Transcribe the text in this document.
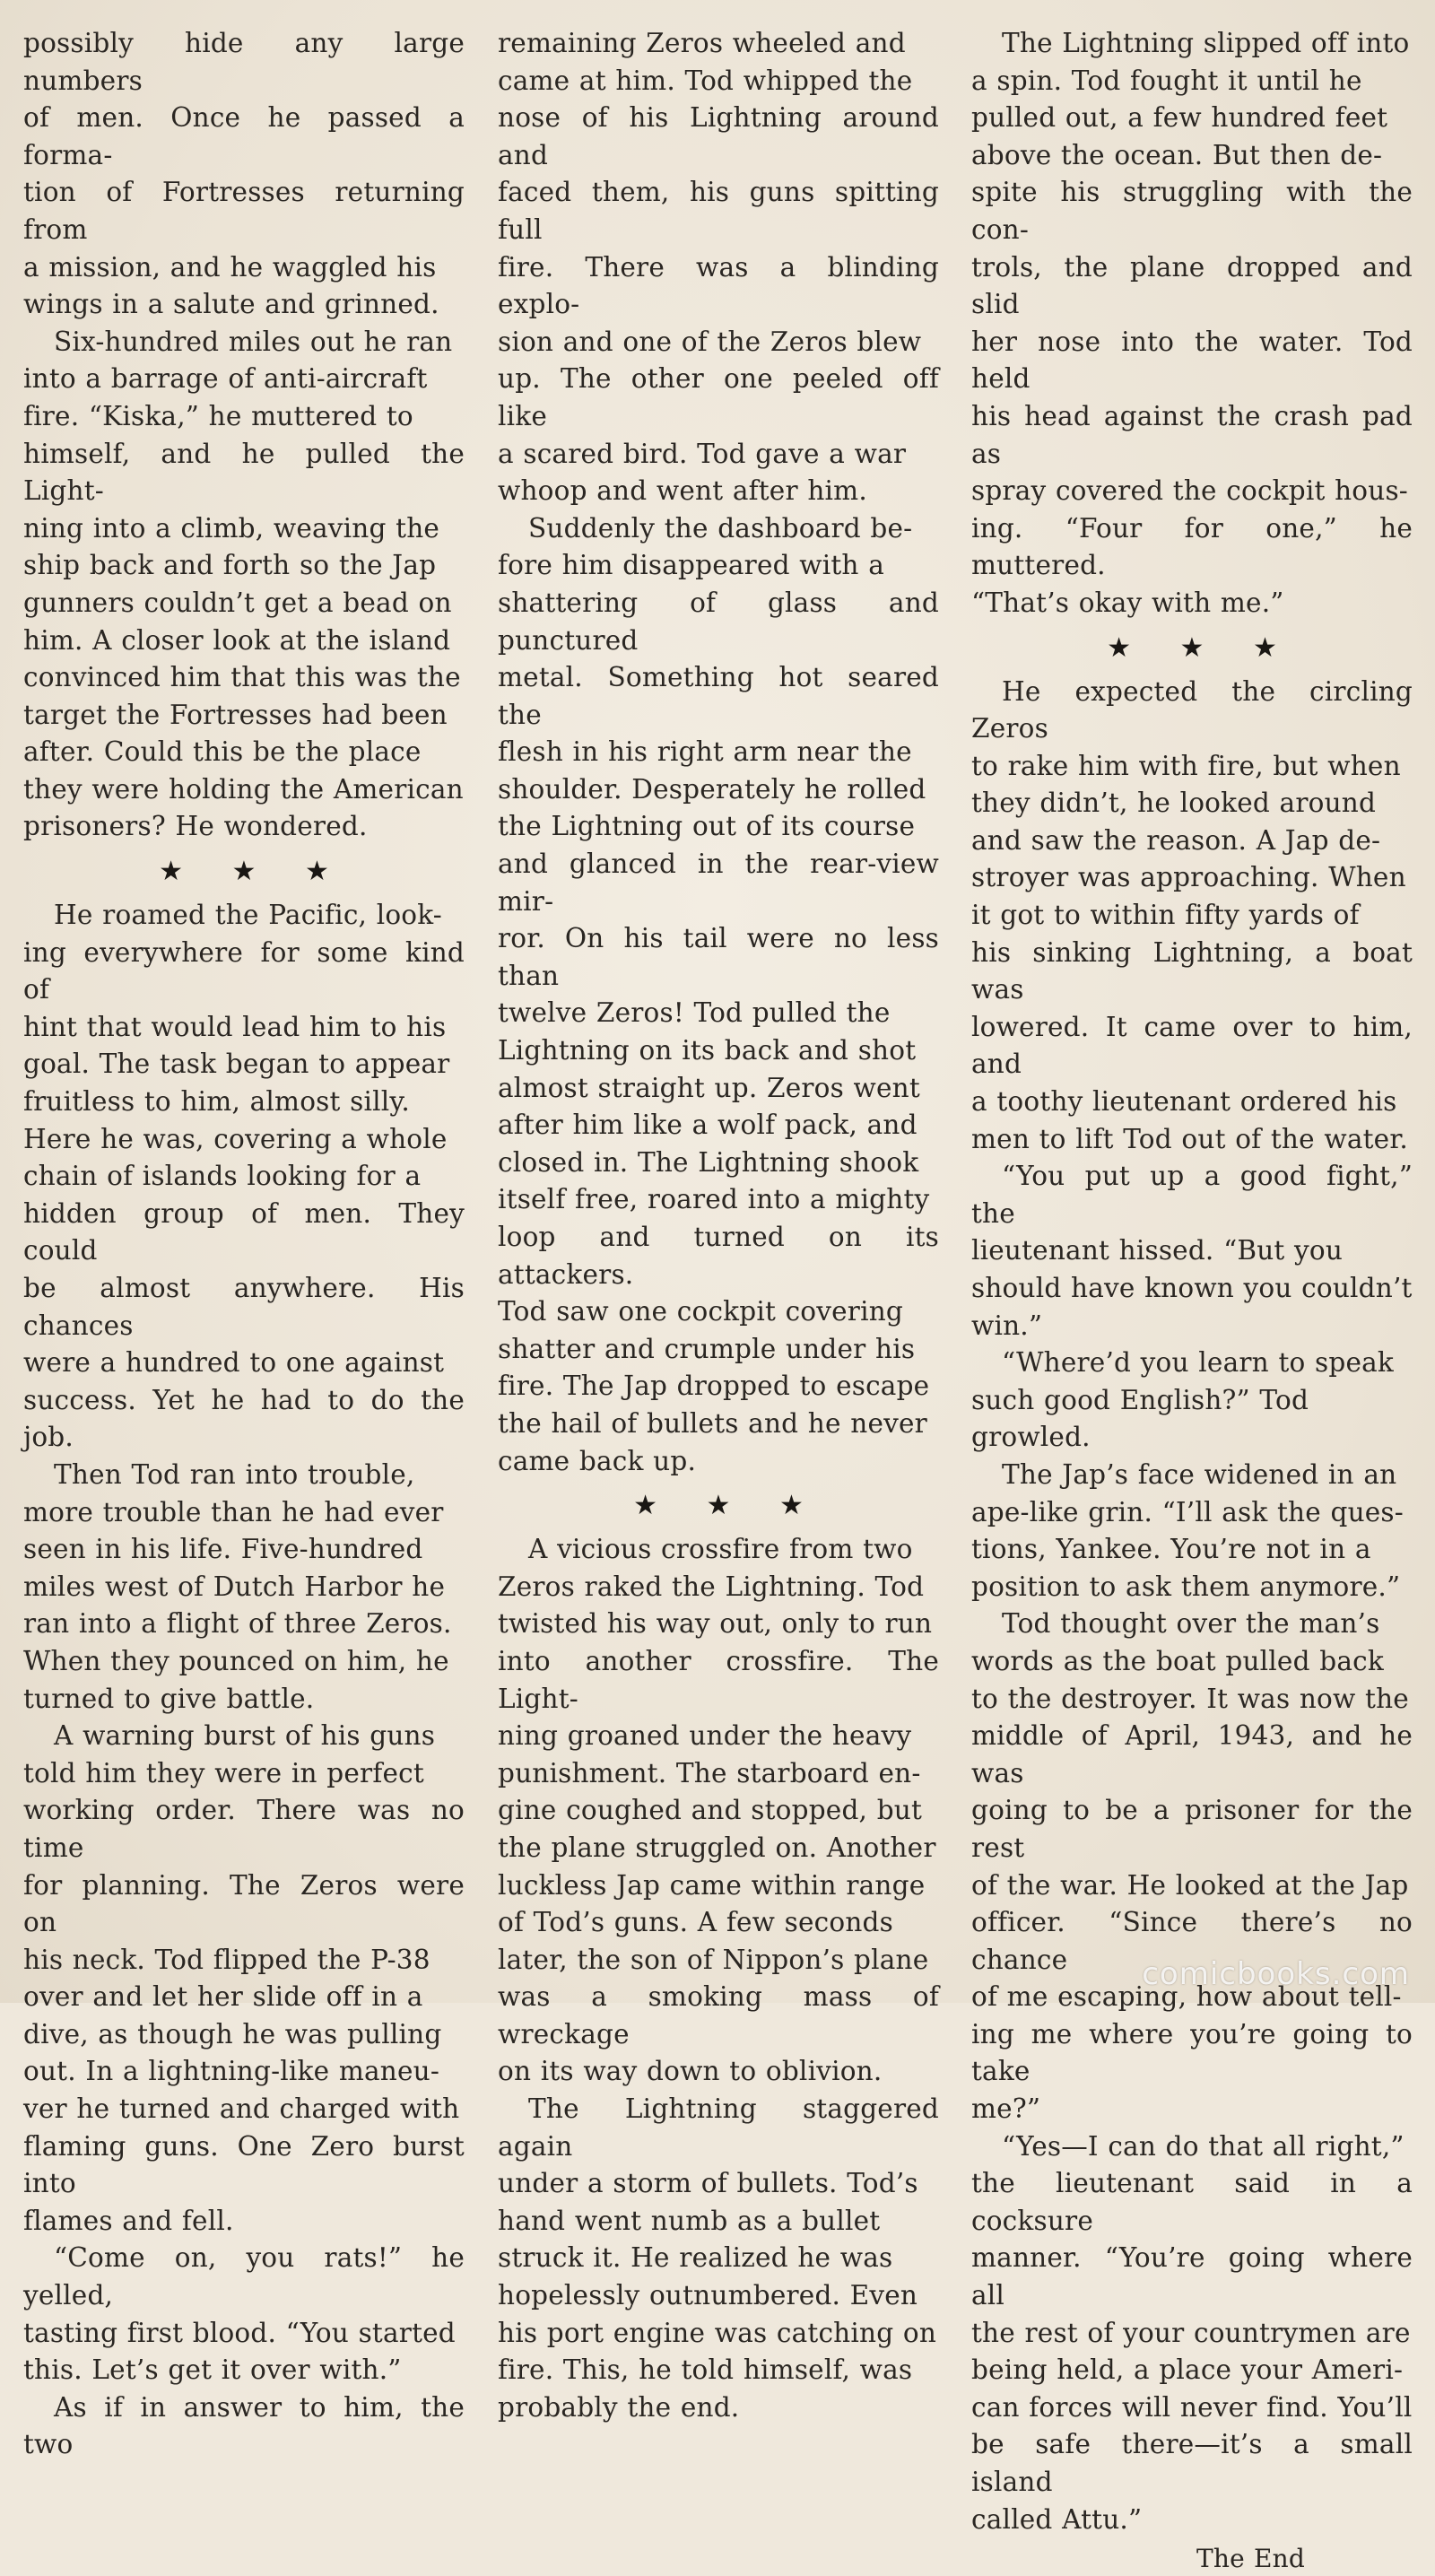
possibly hide any large numbers
of men. Once he passed a forma-
tion of Fortresses returning from
a mission, and he waggled his
wings in a salute and grinned.

Six-hundred miles out he ran
into a barrage of anti-aircraft
fire. “Kiska,” he muttered to
himself, and he pulled the Light-
ning into a climb, weaving the
ship back and forth so the Jap
gunners couldn’t get a bead on
him. A closer look at the island
convinced him that this was the
target the Fortresses had been
after. Could this be the place
they were holding the American
prisoners? He wondered.

★ ★ ★

He roamed the Pacific, look-
ing everywhere for some kind of
hint that would lead him to his
goal. The task began to appear
fruitless to him, almost silly.
Here he was, covering a whole
chain of islands looking for a
hidden group of men. They could
be almost anywhere. His chances
were a hundred to one against
success. Yet he had to do the job.

Then Tod ran into trouble,
more trouble than he had ever
seen in his life. Five-hundred
miles west of Dutch Harbor he
ran into a flight of three Zeros.
When they pounced on him, he
turned to give battle.

A warning burst of his guns
told him they were in perfect
working order. There was no time
for planning. The Zeros were on
his neck. Tod flipped the P-38
over and let her slide off in a
dive, as though he was pulling
out. In a lightning-like maneu-
ver he turned and charged with
flaming guns. One Zero burst into
flames and fell.

“Come on, you rats!” he yelled,
tasting first blood. “You started
this. Let’s get it over with.”

As if in answer to him, the two

remaining Zeros wheeled and
came at him. Tod whipped the
nose of his Lightning around and
faced them, his guns spitting full
fire. There was a blinding explo-
sion and one of the Zeros blew
up. The other one peeled off like
a scared bird. Tod gave a war
whoop and went after him.

Suddenly the dashboard be-
fore him disappeared with a
shattering of glass and punctured
metal. Something hot seared the
flesh in his right arm near the
shoulder. Desperately he rolled
the Lightning out of its course
and glanced in the rear-view mir-
ror. On his tail were no less than
twelve Zeros! Tod pulled the
Lightning on its back and shot
almost straight up. Zeros went
after him like a wolf pack, and
closed in. The Lightning shook
itself free, roared into a mighty
loop and turned on its attackers.
Tod saw one cockpit covering
shatter and crumple under his
fire. The Jap dropped to escape
the hail of bullets and he never
came back up.

★ ★ ★

A vicious crossfire from two
Zeros raked the Lightning. Tod
twisted his way out, only to run
into another crossfire. The Light-
ning groaned under the heavy
punishment. The starboard en-
gine coughed and stopped, but
the plane struggled on. Another
luckless Jap came within range
of Tod’s guns. A few seconds
later, the son of Nippon’s plane
was a smoking mass of wreckage
on its way down to oblivion.

The Lightning staggered again
under a storm of bullets. Tod’s
hand went numb as a bullet
struck it. He realized he was
hopelessly outnumbered. Even
his port engine was catching on
fire. This, he told himself, was
probably the end.

The Lightning slipped off into
a spin. Tod fought it until he
pulled out, a few hundred feet
above the ocean. But then de-
spite his struggling with the con-
trols, the plane dropped and slid
her nose into the water. Tod held
his head against the crash pad as
spray covered the cockpit hous-
ing. “Four for one,” he muttered.
“That’s okay with me.”

★ ★ ★

He expected the circling Zeros
to rake him with fire, but when
they didn’t, he looked around
and saw the reason. A Jap de-
stroyer was approaching. When
it got to within fifty yards of
his sinking Lightning, a boat was
lowered. It came over to him, and
a toothy lieutenant ordered his
men to lift Tod out of the water.

“You put up a good fight,” the
lieutenant hissed. “But you
should have known you couldn’t
win.”

“Where’d you learn to speak
such good English?” Tod
growled.

The Jap’s face widened in an
ape-like grin. “I’ll ask the ques-
tions, Yankee. You’re not in a
position to ask them anymore.”

Tod thought over the man’s
words as the boat pulled back
to the destroyer. It was now the
middle of April, 1943, and he was
going to be a prisoner for the rest
of the war. He looked at the Jap
officer. “Since there’s no chance
of me escaping, how about tell-
ing me where you’re going to take
me?”

“Yes—I can do that all right,”
the lieutenant said in a cocksure
manner. “You’re going where all
the rest of your countrymen are
being held, a place your Ameri-
can forces will never find. You’ll
be safe there—it’s a small island
called Attu.”

The End
comicbooks.com
